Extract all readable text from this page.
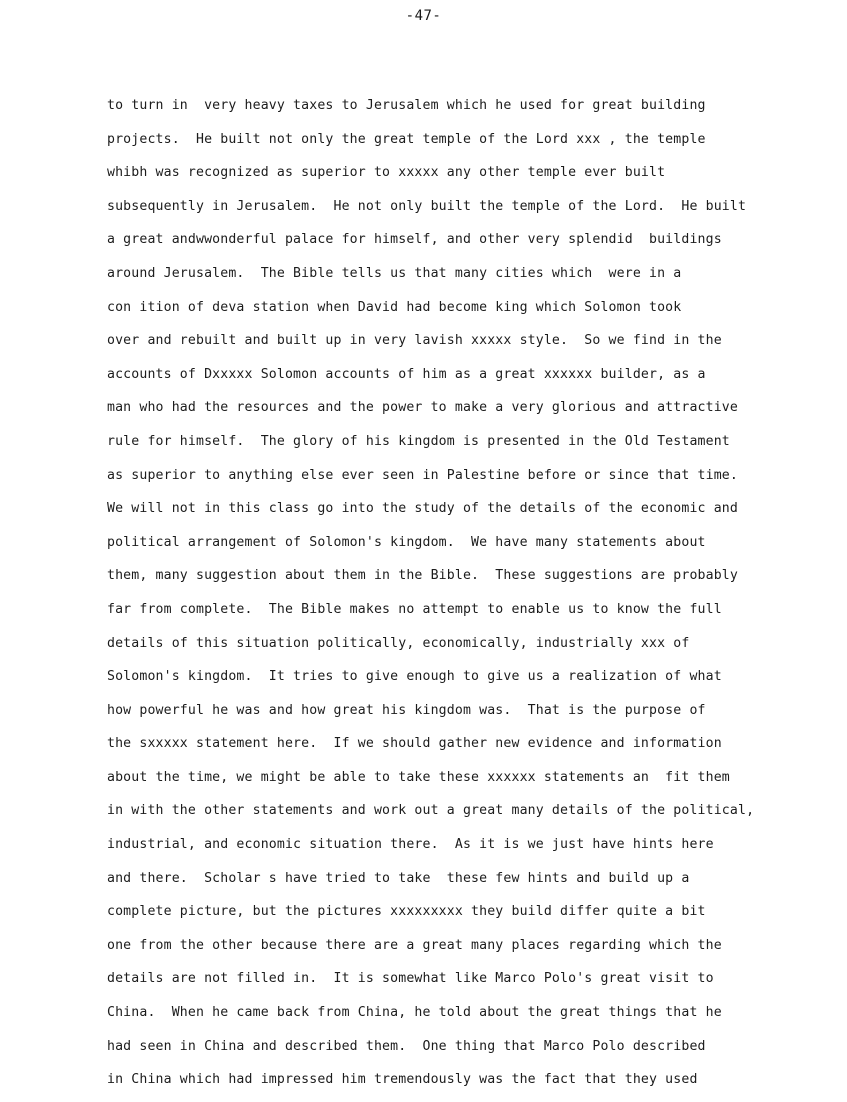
-47-
to turn in  very heavy taxes to Jerusalem which he used for great building
projects.  He built not only the great temple of the Lord xxx , the temple
whibh was recognized as superior to xxxxx any other temple ever built
subsequently in Jerusalem.  He not only built the temple of the Lord.  He built
a great andwwonderful palace for himself, and other very splendid  buildings
around Jerusalem.  The Bible tells us that many cities which  were in a
con ition of deva station when David had become king which Solomon took
over and rebuilt and built up in very lavish xxxxx style.  So we find in the
accounts of Dxxxxx Solomon accounts of him as a great xxxxxx builder, as a
man who had the resources and the power to make a very glorious and attractive
rule for himself.  The glory of his kingdom is presented in the Old Testament
as superior to anything else ever seen in Palestine before or since that time.
We will not in this class go into the study of the details of the economic and
political arrangement of Solomon's kingdom.  We have many statements about
them, many suggestion about them in the Bible.  These suggestions are probably
far from complete.  The Bible makes no attempt to enable us to know the full
details of this situation politically, economically, industrially xxx of
Solomon's kingdom.  It tries to give enough to give us a realization of what
how powerful he was and how great his kingdom was.  That is the purpose of
the sxxxxx statement here.  If we should gather new evidence and information
about the time, we might be able to take these xxxxxx statements an  fit them
in with the other statements and work out a great many details of the political,
industrial, and economic situation there.  As it is we just have hints here
and there.  Scholar s have tried to take  these few hints and build up a
complete picture, but the pictures xxxxxxxxx they build differ quite a bit
one from the other because there are a great many places regarding which the
details are not filled in.  It is somewhat like Marco Polo's great visit to
China.  When he came back from China, he told about the great things that he
had seen in China and described them.  One thing that Marco Polo described
in China which had impressed him tremendously was the fact that they used
